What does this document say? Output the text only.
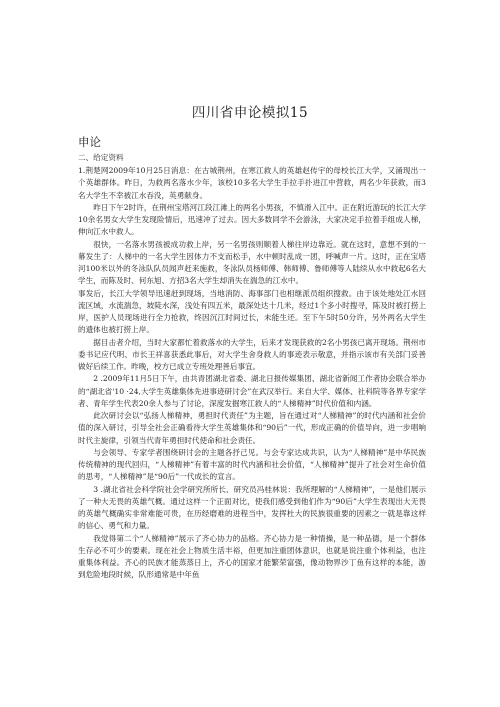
四川省申论模拟15
申论
二、给定资料

1.荆楚网2009年10月25日消息：在古城荆州，在寒江救人的英雄赵传宇的母校长江大学，又涌现出一个英雄群体。昨日，为救两名落水少年，该校10多名大学生手拉手扑进江中营救，两名少年获救，而3名大学生不幸被江水吞没，英勇献身。

昨日下午2时许，在荆州宝塔河江段江滩上的两名小男孩，不慎滑入江中。正在附近游玩的长江大学10余名男女大学生发现险情后，迅速冲了过去。因大多数同学不会游泳，大家决定手拉着手组成人梯，伸向江水中救人。

很快，一名落水男孩被成功救上岸，另一名男孩则顺着人梯往岸边靠近。就在这时，意想不到的一幕发生了：人梯中的一名大学生因体力不支而松手，水中顿时乱成一团，呼喊声一片。这时，正在宝塔河100米以外的冬泳队队员闻声赶来施救，冬泳队员杨师傅、韩师傅、鲁师傅等人陆续从水中救起6名大学生，而陈及时、何东旭、方招3名大学生却消失在湍急的江水中。

事发后，长江大学领导迅速赶到现场，当地消防、海事部门也相继派员组织搜救。由于该处地处江水回流区域，水流湍急，坡陡水深，浅处有四五米，最深处达十几米，经过1个多小时搜寻，陈及时被打捞上岸，医护人员现场进行全力抢救，终因沉江时间过长，未能生还。至下午5时50分许，另外两名大学生的遗体也被打捞上岸。

据目击者介绍，当时大家都忙着救落水的大学生，后来才发现获救的2名小男孩已离开现场。荆州市委书记应代明、市长王祥喜获悉此事后，对大学生舍身救人的事迹表示敬意，并指示该市有关部门妥善做好后续工作。昨晚，校方已成立专班处理善后事宜。

2 .2009年11月5日下午，由共青团湖北省委、湖北日报传媒集团、湖北省新闻工作者协会联合举办的“湖北省'10 ·24,大学生英雄集体先进事迹研讨会”在武汉举行。来自大学、媒体、社科院等各界专家学者、青年学生代表20余人参与了讨论，深度发掘寒江救人的“人梯精神”时代价值和内涵。

此次研讨会以“弘扬人梯精神，勇担时代责任”为主题，旨在通过对“人梯精神”的时代内涵和社会价值的深入研讨，引导全社会正确看待大学生英雄集体和“90后”一代，形成正确的价值导向，进一步唱响时代主旋律，引领当代青年勇担时代使命和社会责任。

与会领导、专家学者围绕研讨会的主题各抒己见。与会专家达成共识，认为“人梯精神”是中华民族传统精神的现代回归，“人梯精神”有着丰富的时代内涵和社会价值，“人梯精神”提升了社会对生命价值的思考，“人梯精神”是“90后”一代成长的宣言。

3 .湖北省社会科学院社会学研究所所长、研究员冯桂林说：我所理解的“人梯精神”，一是他们展示了一种大无畏的英雄气概。通过这样一个正面对比，使我们感受到他们作为“90后”大学生表现出大无畏的英雄气概确实非常难能可贵，在历经磨难的进程当中，发挥杜大的民族很重要的因素之一就是靠这样的信心、勇气和力量。

我觉得第二个“人梯精神”展示了齐心协力的品格。齐心协力是一种情操，是一种品德，是一个群体生存必不可少的要素。现在社会上物质生活丰裕，但更加注重团体意识，也就是说注重个体利益，也注重集体利益。齐心的民族才能蒸蒸日上，齐心的国家才能繁荣富强，像动物界沙丁鱼有这样的本能，游到危险地段时候，队形通常是中年鱼
